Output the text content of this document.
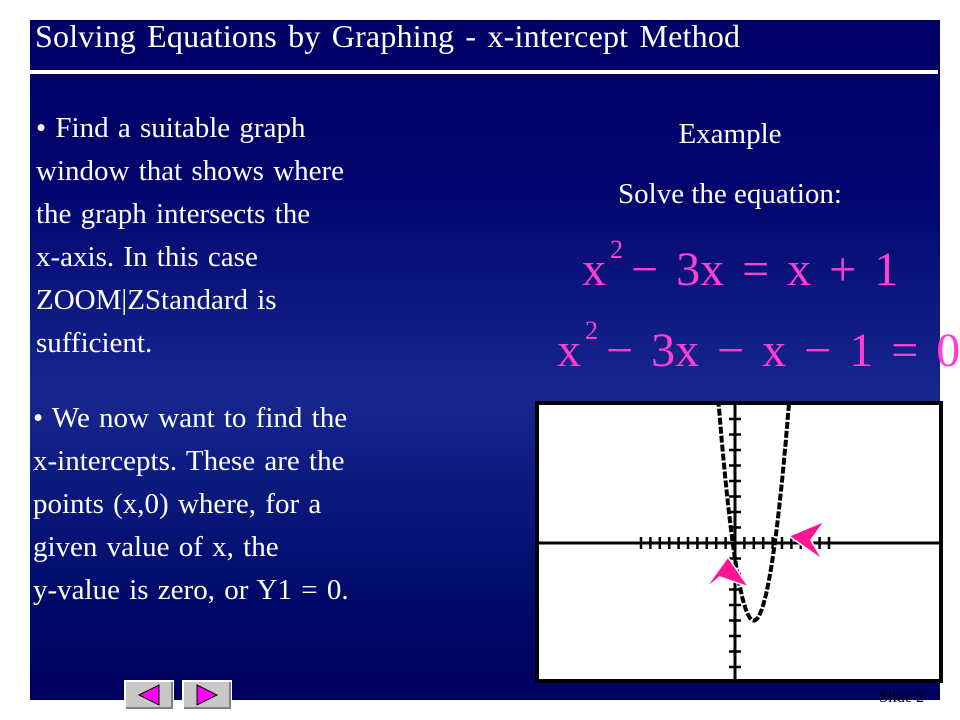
Solving Equations by Graphing - x-intercept Method
• Find a suitable graph
window that shows where
the graph intersects the
x-axis. In this case
ZOOM|ZStandard is
sufficient.
• We now want to find the
x-intercepts. These are the
points (x,0) where, for a
given value of x, the
y-value is zero, or Y1 = 0.
Example
Solve the equation:
x $^2$ − 3x = x + 1
x $^2$ − 3x − x − 1 = 0
Slide 2
